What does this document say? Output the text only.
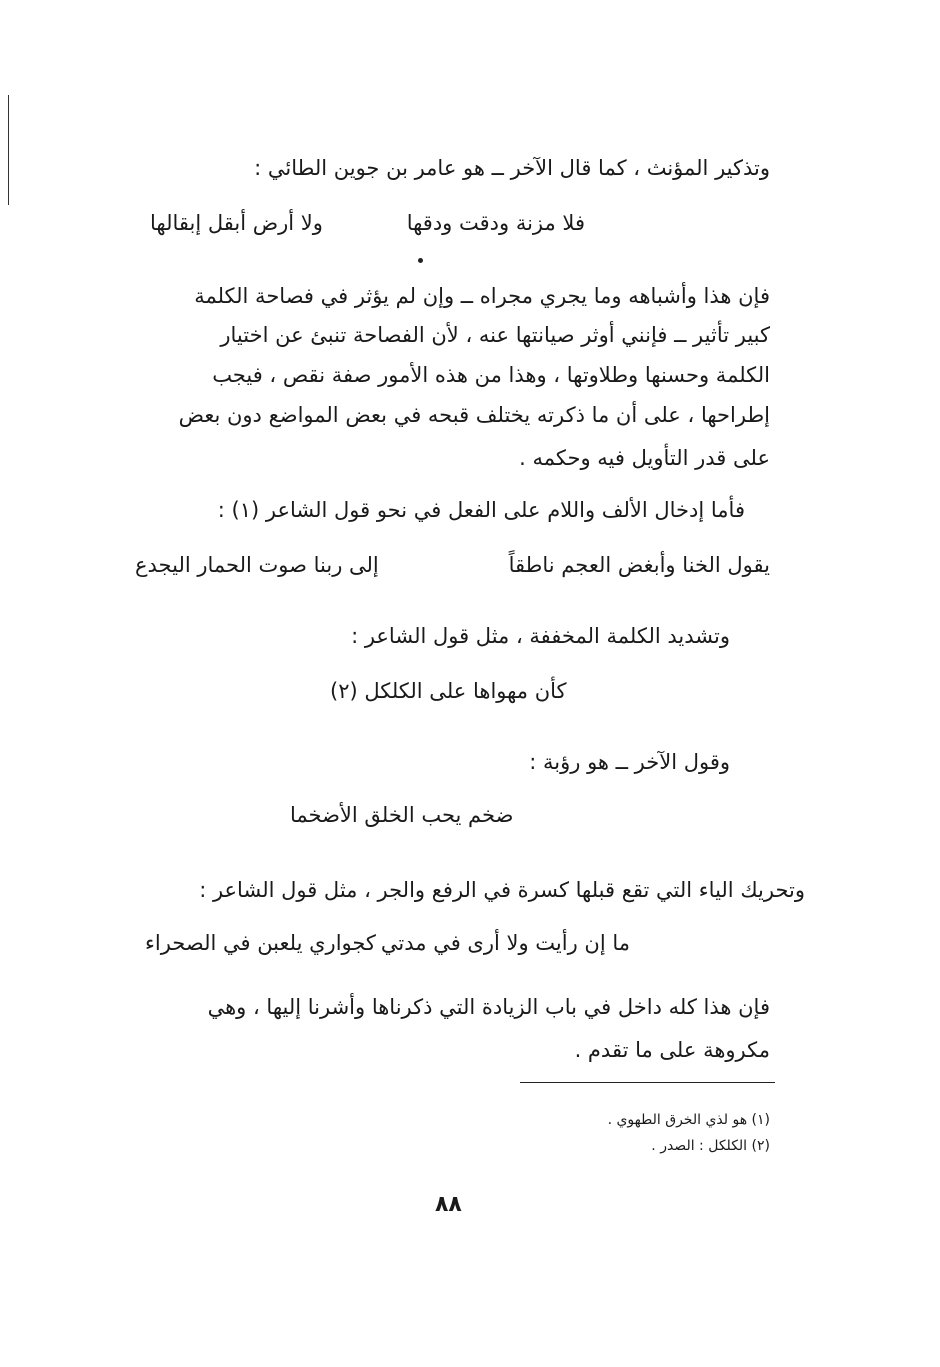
وتذكير المؤنث ، كما قال الآخر ــ هو عامر بن جوين الطائي :
فلا مزنة ودقت ودقها
ولا أرض أبقل إبقالها
فإن هذا وأشباهه وما يجري مجراه ــ وإن لم يؤثر في فصاحة الكلمة
كبير تأثير ــ فإنني أوثر صيانتها عنه ، لأن الفصاحة تنبئ عن اختيار
الكلمة وحسنها وطلاوتها ، وهذا من هذه الأمور صفة نقص ، فيجب
إطراحها ، على أن ما ذكرته يختلف قبحه في بعض المواضع دون بعض
على قدر التأويل فيه وحكمه .
فأما إدخال الألف واللام على الفعل في نحو قول الشاعر (١) :
يقول الخنا وأبغض العجم ناطقاً
إلى ربنا صوت الحمار اليجدع
وتشديد الكلمة المخففة ، مثل قول الشاعر :
كأن مهواها على الكلكل (٢)
وقول الآخر ــ هو رؤبة :
ضخم يحب الخلق الأضخما
وتحريك الياء التي تقع قبلها كسرة في الرفع والجر ، مثل قول الشاعر :
ما إن رأيت ولا أرى في مدتي
كجواري يلعبن في الصحراء
فإن هذا كله داخل في باب الزيادة التي ذكرناها وأشرنا إليها ، وهي
مكروهة على ما تقدم .
(١) هو لذي الخرق الطهوي .
(٢) الكلكل : الصدر .
٨٨
